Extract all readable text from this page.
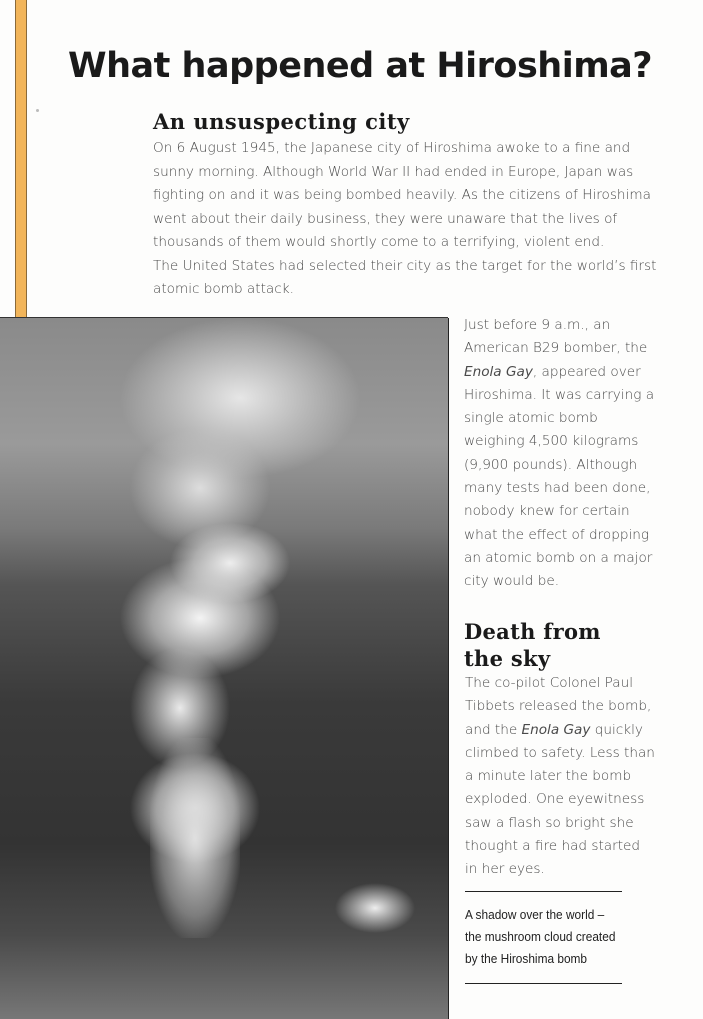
What happened at Hiroshima?
An unsuspecting city
On 6 August 1945, the Japanese city of Hiroshima awoke to a fine and
sunny morning. Although World War II had ended in Europe, Japan was
fighting on and it was being bombed heavily. As the citizens of Hiroshima
went about their daily business, they were unaware that the lives of
thousands of them would shortly come to a terrifying, violent end.
The United States had selected their city as the target for the world’s first
atomic bomb attack.
Just before 9 a.m., an
American B29 bomber, the
Enola Gay, appeared over
Hiroshima. It was carrying a
single atomic bomb
weighing 4,500 kilograms
(9,900 pounds). Although
many tests had been done,
nobody knew for certain
what the effect of dropping
an atomic bomb on a major
city would be.
Death from
the sky
The co-pilot Colonel Paul
Tibbets released the bomb,
and the Enola Gay quickly
climbed to safety. Less than
a minute later the bomb
exploded. One eyewitness
saw a flash so bright she
thought a fire had started
in her eyes.
A shadow over the world –
the mushroom cloud created
by the Hiroshima bomb
